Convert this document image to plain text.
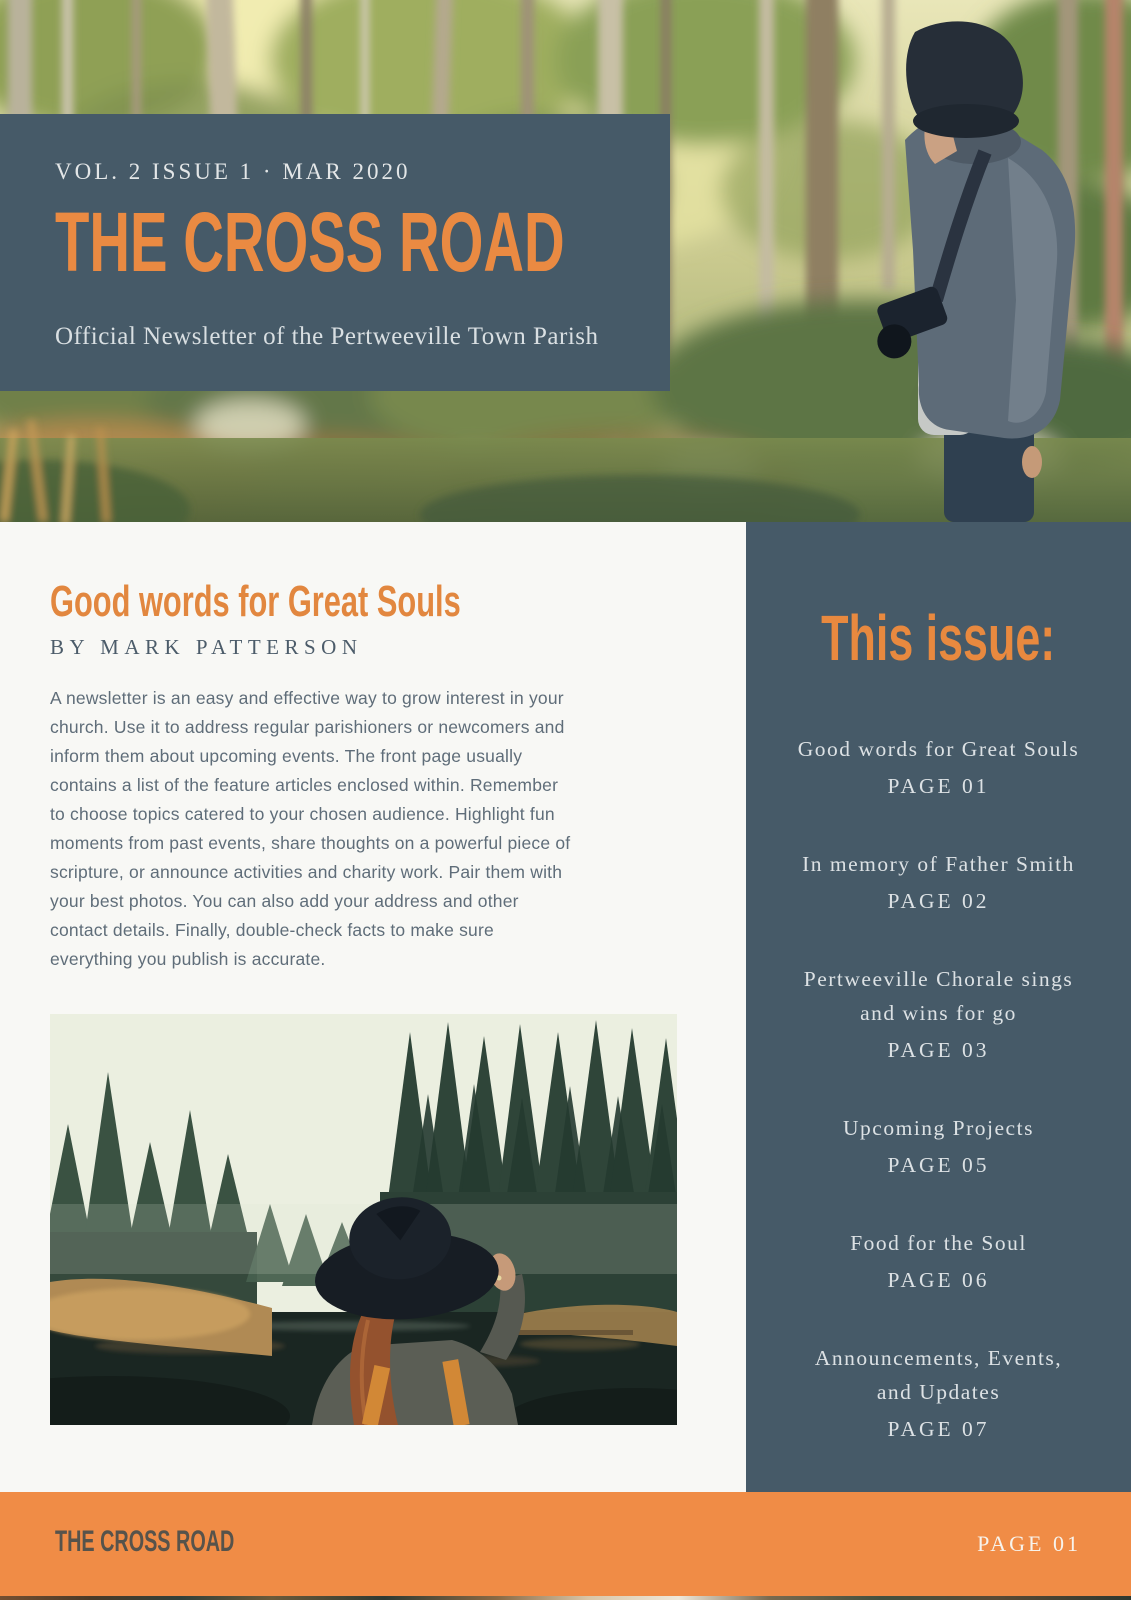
VOL. 2 ISSUE 1 · MAR 2020
THE CROSS ROAD
Official Newsletter of the Pertweeville Town Parish
Good words for Great Souls
BY MARK PATTERSON
A newsletter is an easy and effective way to grow interest in your
church. Use it to address regular parishioners or newcomers and
inform them about upcoming events. The front page usually
contains a list of the feature articles enclosed within. Remember
to choose topics catered to your chosen audience. Highlight fun
moments from past events, share thoughts on a powerful piece of
scripture, or announce activities and charity work. Pair them with
your best photos. You can also add your address and other
contact details. Finally, double-check facts to make sure
everything you publish is accurate.
This issue:
Good words for Great Souls
PAGE 01
In memory of Father Smith
PAGE 02
Pertweeville Chorale sings
and wins for go
PAGE 03
Upcoming Projects
PAGE 05
Food for the Soul
PAGE 06
Announcements, Events,
and Updates
PAGE 07
THE CROSS ROAD	PAGE 01
